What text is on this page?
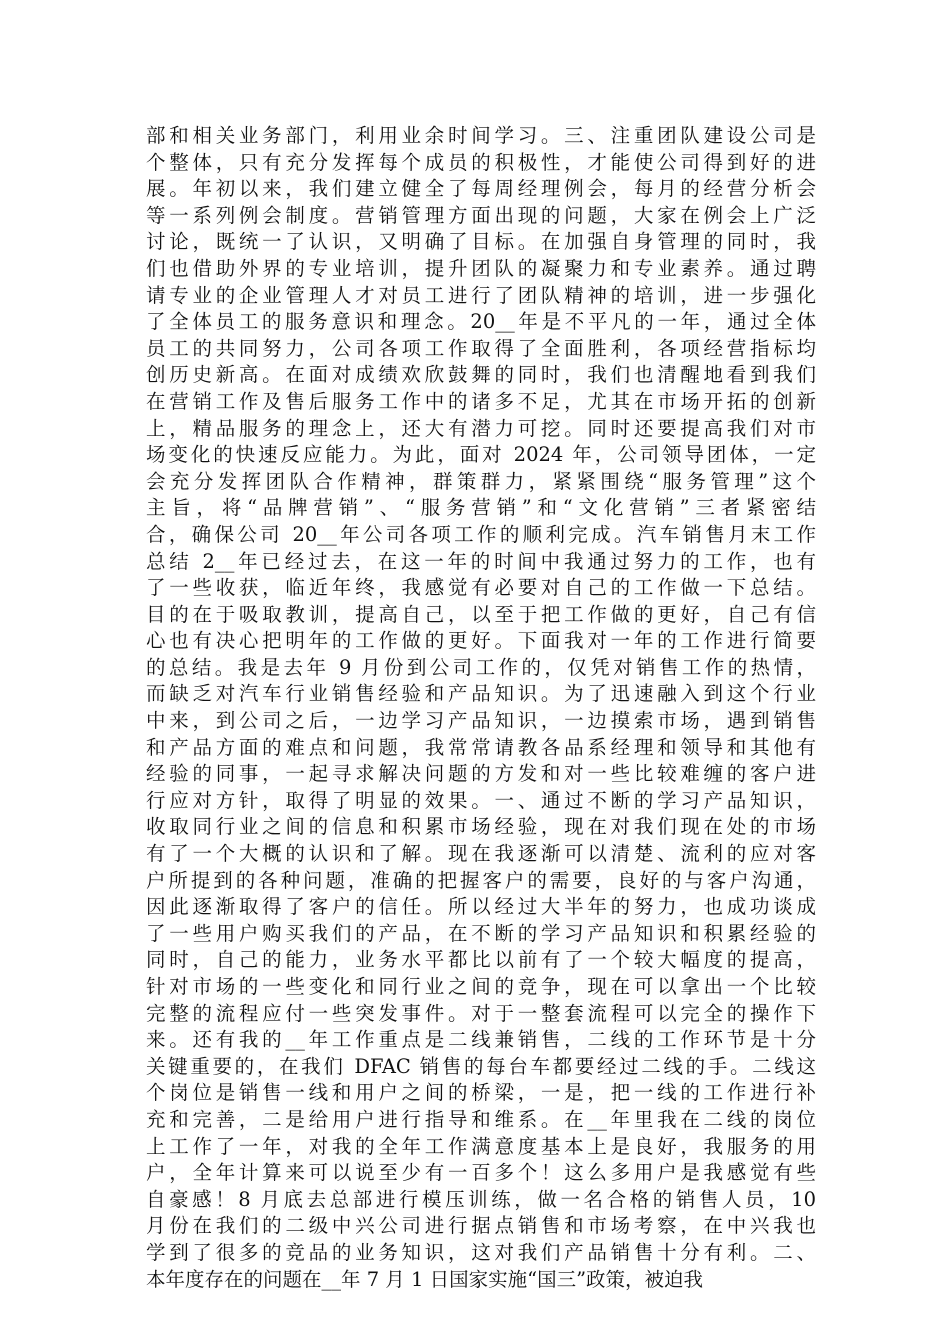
部和相关业务部门，利用业余时间学习。三、注重团队建设公司是
个整体，只有充分发挥每个成员的积极性，才能使公司得到好的进
展。年初以来，我们建立健全了每周经理例会，每月的经营分析会
等一系列例会制度。营销管理方面出现的问题，大家在例会上广泛
讨论，既统一了认识，又明确了目标。在加强自身管理的同时，我
们也借助外界的专业培训，提升团队的凝聚力和专业素养。通过聘
请专业的企业管理人才对员工进行了团队精神的培训，进一步强化
了全体员工的服务意识和理念。20__年是不平凡的一年，通过全体
员工的共同努力，公司各项工作取得了全面胜利，各项经营指标均
创历史新高。在面对成绩欢欣鼓舞的同时，我们也清醒地看到我们
在营销工作及售后服务工作中的诸多不足，尤其在市场开拓的创新
上，精品服务的理念上，还大有潜力可挖。同时还要提高我们对市
场变化的快速反应能力。为此，面对 2024 年，公司领导团体，一定
会充分发挥团队合作精神，群策群力，紧紧围绕“服务管理”这个
主旨，将“品牌营销”、“服务营销”和“文化营销”三者紧密结
合，确保公司 20__年公司各项工作的顺利完成。汽车销售月末工作
总结 2__年已经过去，在这一年的时间中我通过努力的工作，也有
了一些收获，临近年终，我感觉有必要对自己的工作做一下总结。
目的在于吸取教训，提高自己，以至于把工作做的更好，自己有信
心也有决心把明年的工作做的更好。下面我对一年的工作进行简要
的总结。我是去年 9 月份到公司工作的，仅凭对销售工作的热情，
而缺乏对汽车行业销售经验和产品知识。为了迅速融入到这个行业
中来，到公司之后，一边学习产品知识，一边摸索市场，遇到销售
和产品方面的难点和问题，我常常请教各品系经理和领导和其他有
经验的同事，一起寻求解决问题的方发和对一些比较难缠的客户进
行应对方针，取得了明显的效果。一、通过不断的学习产品知识，
收取同行业之间的信息和积累市场经验，现在对我们现在处的市场
有了一个大概的认识和了解。现在我逐渐可以清楚、流利的应对客
户所提到的各种问题，准确的把握客户的需要，良好的与客户沟通，
因此逐渐取得了客户的信任。所以经过大半年的努力，也成功谈成
了一些用户购买我们的产品，在不断的学习产品知识和积累经验的
同时，自己的能力，业务水平都比以前有了一个较大幅度的提高，
针对市场的一些变化和同行业之间的竞争，现在可以拿出一个比较
完整的流程应付一些突发事件。对于一整套流程可以完全的操作下
来。还有我的__年工作重点是二线兼销售，二线的工作环节是十分
关键重要的，在我们 DFAC 销售的每台车都要经过二线的手。二线这
个岗位是销售一线和用户之间的桥梁，一是，把一线的工作进行补
充和完善，二是给用户进行指导和维系。在__年里我在二线的岗位
上工作了一年，对我的全年工作满意度基本上是良好，我服务的用
户，全年计算来可以说至少有一百多个！这么多用户是我感觉有些
自豪感！8 月底去总部进行模压训练，做一名合格的销售人员，10
月份在我们的二级中兴公司进行据点销售和市场考察，在中兴我也
学到了很多的竞品的业务知识，这对我们产品销售十分有利。二、
本年度存在的问题在__年 7 月 1 日国家实施“国三”政策，被迫我
